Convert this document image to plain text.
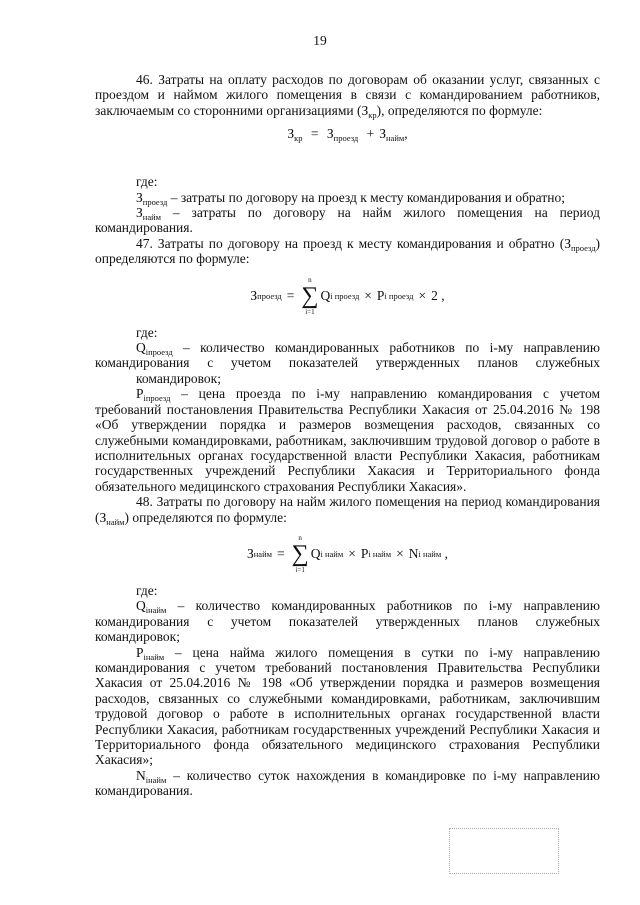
19

46. Затраты на оплату расходов по договорам об оказании услуг, связанных с проездом и наймом жилого помещения в связи с командированием работников, заключаемым со сторонними организациями $(З_{кр})$, определяются по формуле:

$З_{кр} = З_{проезд} + З_{найм}$,

где:

$З_{проезд}$ – затраты по договору на проезд к месту командирования и обратно;

$З_{найм}$ – затраты по договору на найм жилого помещения на период командирования.

47. Затраты по договору на проезд к месту командирования и обратно $(З_{проезд})$ определяются по формуле:

З проезд =
n
∑
i=1
Q i проезд × P i проезд × 2
,

где:

$Q_{iпроезд}$ – количество командированных работников по i-му направлению командирования с учетом показателей утвержденных планов служебных командировок;

$P_{iпроезд}$ – цена проезда по i-му направлению командирования с учетом требований постановления Правительства Республики Хакасия от 25.04.2016 № 198 «Об утверждении порядка и размеров возмещения расходов, связанных со служебными командировками, работникам, заключившим трудовой договор о работе в исполнительных органах государственной власти Республики Хакасия, работникам государственных учреждений Республики Хакасия и Территориального фонда обязательного медицинского страхования Республики Хакасия».

48. Затраты по договору на найм жилого помещения на период командирования $(З_{найм})$ определяются по формуле:

З найм =
n
∑
i=1
Q i найм × P i найм × N i найм
,

где:

$Q_{iнайм}$ – количество командированных работников по i-му направлению командирования с учетом показателей утвержденных планов служебных командировок;

$P_{iнайм}$ – цена найма жилого помещения в сутки по i-му направлению командирования с учетом требований постановления Правительства Республики Хакасия от 25.04.2016 № 198 «Об утверждении порядка и размеров возмещения расходов, связанных со служебными командировками, работникам, заключившим трудовой договор о работе в исполнительных органах государственной власти Республики Хакасия, работникам государственных учреждений Республики Хакасия и Территориального фонда обязательного медицинского страхования Республики Хакасия»;

$N_{iнайм}$ – количество суток нахождения в командировке по i-му направлению командирования.
